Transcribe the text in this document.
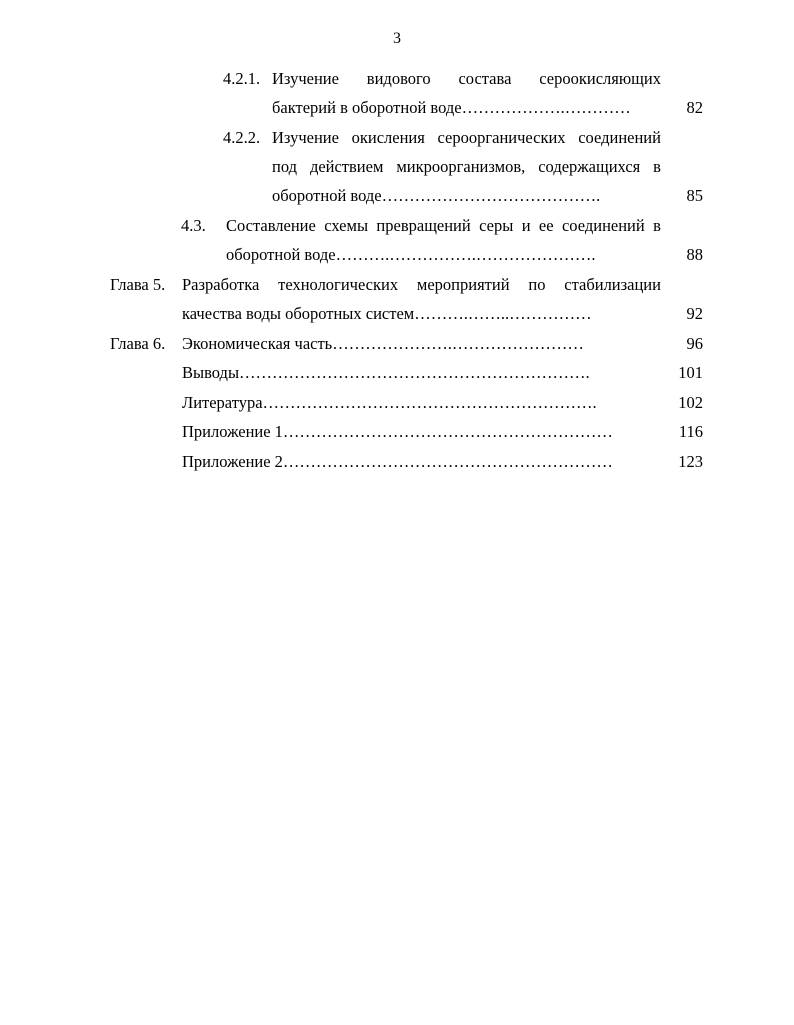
3
4.2.1. Изучение видового состава сероокисляющих
бактерий в оборотной воде……………….…………	82
4.2.2. Изучение окисления сероорганических соединений
под действием микроорганизмов, содержащихся в
оборотной воде………………………………….	85
4.3. Составление схемы превращений серы и ее соединений в
оборотной воде……….…………….………………….	88
Глава 5. Разработка технологических мероприятий по стабилизации
качества воды оборотных систем……….……..……………	92
Глава 6. Экономическая часть………………….……………………	96
Выводы……………………………………………………….	101
Литература…………………………………………………….	102
Приложение 1……………………………………………………	116
Приложение 2……………………………………………………	123
